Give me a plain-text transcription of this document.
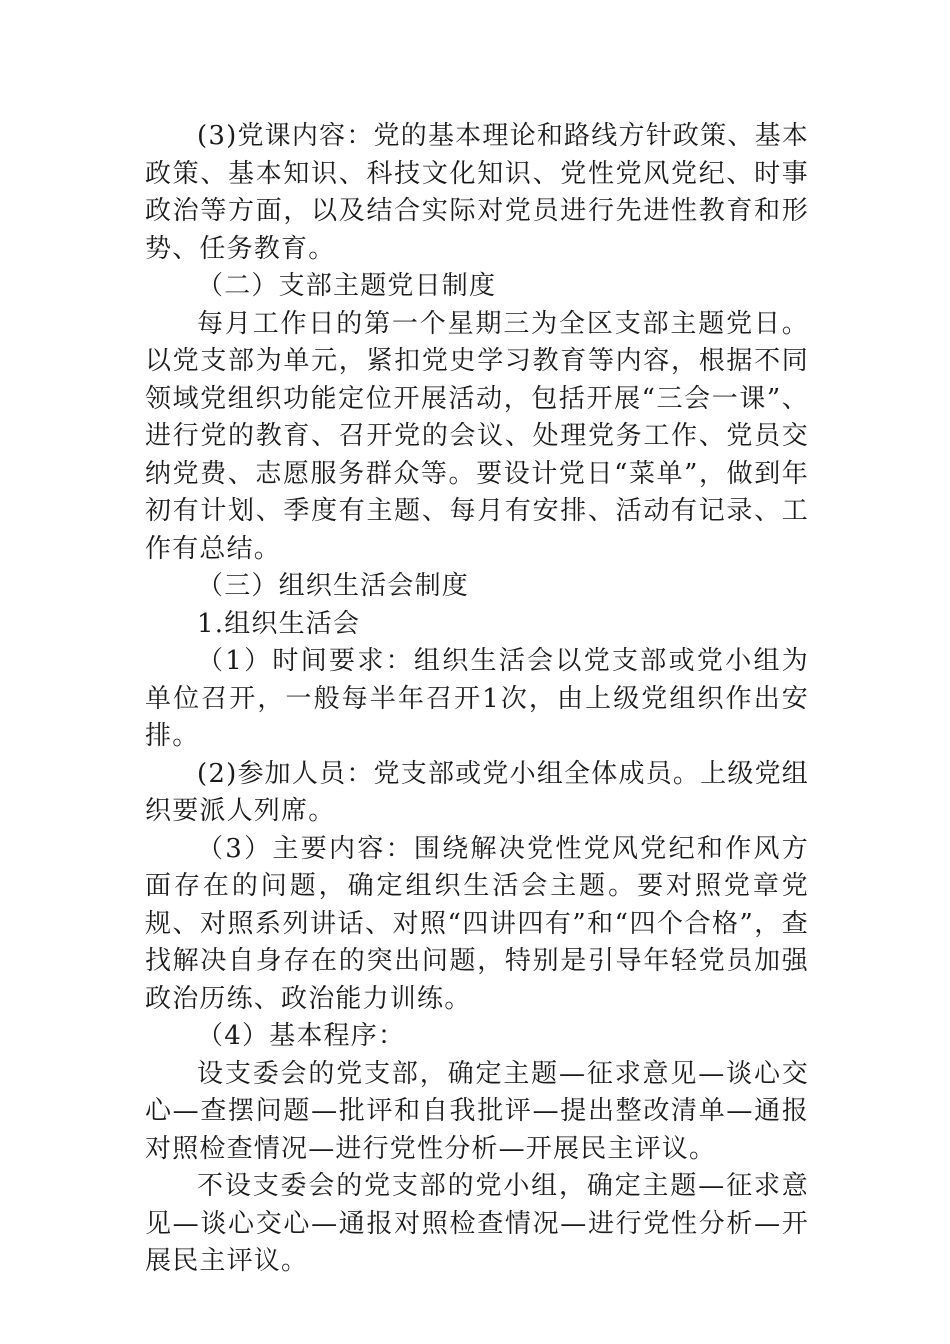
(3)党课内容：党的基本理论和路线方针政策、基本政策、基本知识、科技文化知识、党性党风党纪、时事政治等方面，以及结合实际对党员进行先进性教育和形势、任务教育。

（二）支部主题党日制度

每月工作日的第一个星期三为全区支部主题党日。以党支部为单元，紧扣党史学习教育等内容，根据不同领域党组织功能定位开展活动，包括开展“三会一课”、进行党的教育、召开党的会议、处理党务工作、党员交纳党费、志愿服务群众等。要设计党日“菜单”，做到年初有计划、季度有主题、每月有安排、活动有记录、工作有总结。

（三）组织生活会制度

1.组织生活会

（1）时间要求：组织生活会以党支部或党小组为单位召开，一般每半年召开1次，由上级党组织作出安排。

(2)参加人员：党支部或党小组全体成员。上级党组织要派人列席。

（3）主要内容：围绕解决党性党风党纪和作风方面存在的问题，确定组织生活会主题。要对照党章党规、对照系列讲话、对照“四讲四有”和“四个合格”，查找解决自身存在的突出问题，特别是引导年轻党员加强政治历练、政治能力训练。

（4）基本程序：

设支委会的党支部，确定主题—征求意见—谈心交心—查摆问题—批评和自我批评—提出整改清单—通报对照检查情况—进行党性分析—开展民主评议。

不设支委会的党支部的党小组，确定主题—征求意见—谈心交心—通报对照检查情况—进行党性分析—开展民主评议。
